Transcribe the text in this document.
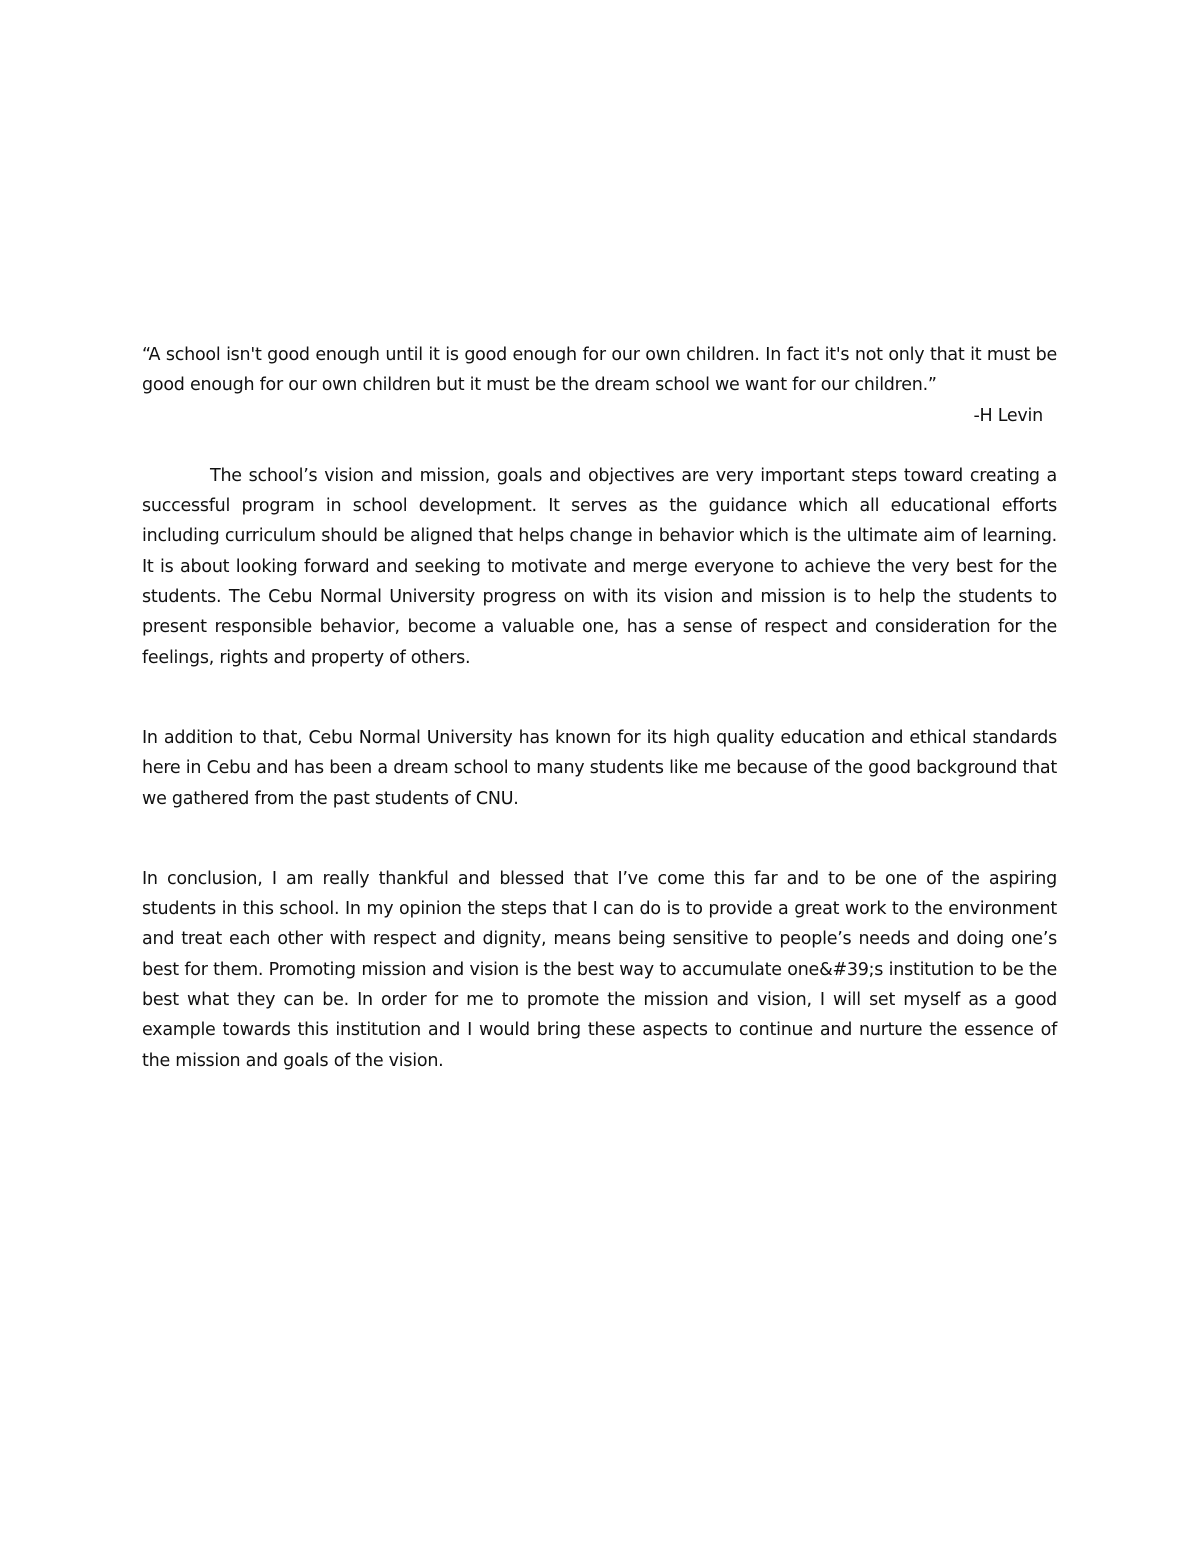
“A school isn't good enough until it is good enough for our own children. In fact it's not only that it must be good enough for our own children but it must be the dream school we want for our children.”

-H Levin

The school’s vision and mission, goals and objectives are very important steps toward creating a successful program in school development. It serves as the guidance which all educational efforts including curriculum should be aligned that helps change in behavior which is the ultimate aim of learning. It is about looking forward and seeking to motivate and merge everyone to achieve the very best for the students. The Cebu Normal University progress on with its vision and mission is to help the students to present responsible behavior, become a valuable one, has a sense of respect and consideration for the feelings, rights and property of others.

In addition to that, Cebu Normal University has known for its high quality education and ethical standards here in Cebu and has been a dream school to many students like me because of the good background that we gathered from the past students of CNU.

In conclusion, I am really thankful and blessed that I’ve come this far and to be one of the aspiring students in this school. In my opinion the steps that I can do is to provide a great work to the environment and treat each other with respect and dignity, means being sensitive to people’s needs and doing one’s best for them. Promoting mission and vision is the best way to accumulate one&#39;s institution to be the best what they can be. In order for me to promote the mission and vision, I will set myself as a good example towards this institution and I would bring these aspects to continue and nurture the essence of the mission and goals of the vision.
